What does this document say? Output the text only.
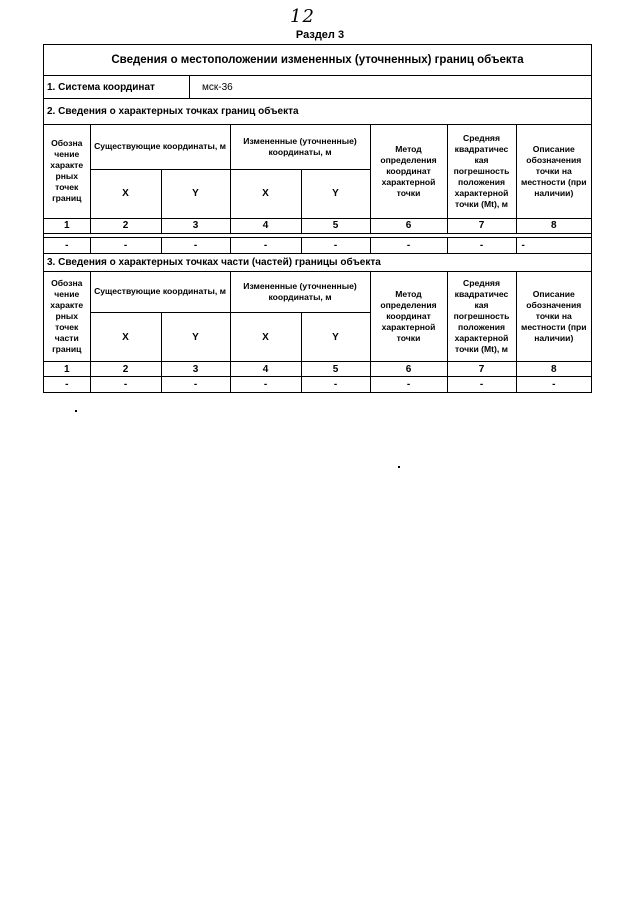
12
Раздел 3
Сведения о местоположении измененных (уточненных) границ объекта
1. Система координат	мск-36
2. Сведения о характерных точках границ объекта
Обозна чение характе рных точек границ	Существующие координаты, м		Измененные (уточненные) координаты, м		Метод определения координат характерной точки	Средняя квадратичес кая погрешность положения характерной точки (Mt), м	Описание обозначения точки на местности (при наличии)
	X	Y	X	Y			
1	2	3	4	5	6	7	8
-	-	-	-	-	-	-	-
3. Сведения о характерных точках части (частей) границы объекта
Обозна чение характе рных точек части границ	Существующие координаты, м		Измененные (уточненные) координаты, м		Метод определения координат характерной точки	Средняя квадратичес кая погрешность положения характерной точки (Mt), м	Описание обозначения точки на местности (при наличии)
	X	Y	X	Y			
1	2	3	4	5	6	7	8
-	-	-	-	-	-	-	-
